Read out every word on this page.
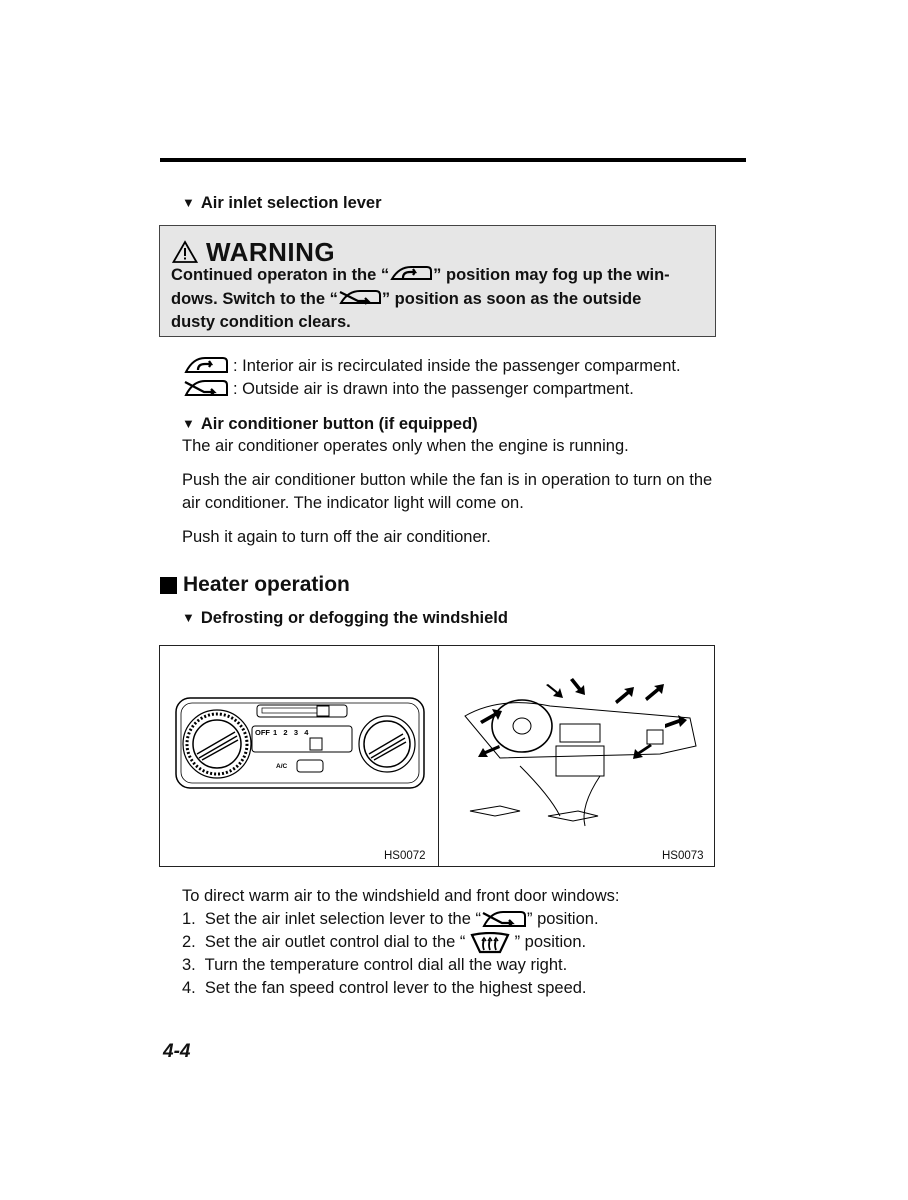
▼ Air inlet selection lever
WARNING
Continued operaton in the “	” position may fog up the win-
dows. Switch to the “	” position as soon as the outside
dusty condition clears.
: Interior air is recirculated inside the passenger comparment.
: Outside air is drawn into the passenger compartment.
▼ Air conditioner button (if equipped)
The air conditioner operates only when the engine is running.
Push the air conditioner button while the fan is in operation to turn on the air conditioner. The indicator light will come on.
Push it again to turn off the air conditioner.
Heater operation
▼ Defrosting or defogging the windshield
OFF 1   2   3   4
A/C
HS0072	HS0073
To direct warm air to the windshield and front door windows:
1.  Set the air inlet selection lever to the “	” position.
2.  Set the air outlet control dial to the “ ” position.
3.  Turn the temperature control dial all the way right.
4.  Set the fan speed control lever to the highest speed.
4-4
